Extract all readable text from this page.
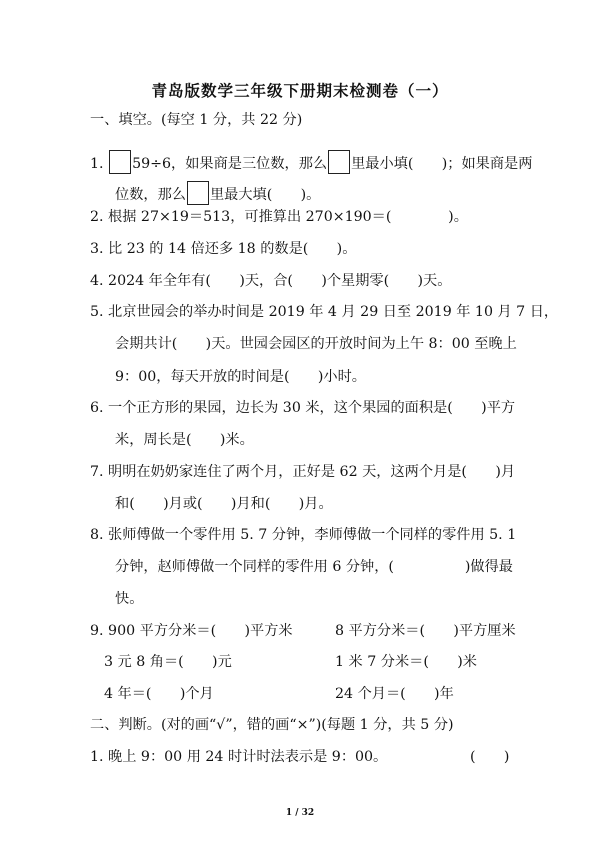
青岛版数学三年级下册期末检测卷（一）
一、填空。(每空 1 分，共 22 分)
1. 59÷6，如果商是三位数，那么 里最小填(　　)；如果商是两
位数，那么 里最大填(　　)。
2. 根据 27×19＝513，可推算出 270×190＝(　　　　)。
3. 比 23 的 14 倍还多 18 的数是(　　)。
4. 2024 年全年有(　　)天，合(　　)个星期零(　　)天。
5. 北京世园会的举办时间是 2019 年 4 月 29 日至 2019 年 10 月 7 日，
会期共计(　　)天。世园会园区的开放时间为上午 8：00 至晚上
9：00，每天开放的时间是(　　)小时。
6. 一个正方形的果园，边长为 30 米，这个果园的面积是(　　)平方
米，周长是(　　)米。
7. 明明在奶奶家连住了两个月，正好是 62 天，这两个月是(　　)月
和(　　)月或(　　)月和(　　)月。
8. 张师傅做一个零件用 5. 7 分钟，李师傅做一个同样的零件用 5. 1
分钟，赵师傅做一个同样的零件用 6 分钟，(　　　　　)做得最
快。
9. 900 平方分米＝(　　)平方米	8 平方分米＝(　　)平方厘米
3 元 8 角＝(　　)元	1 米 7 分米＝(　　)米
4 年＝(　　)个月	24 个月＝(　　)年
二、判断。(对的画“√”，错的画“×”)(每题 1 分，共 5 分)
1. 晚上 9：00 用 24 时计时法表示是 9：00。	(　　)
1 / 32
